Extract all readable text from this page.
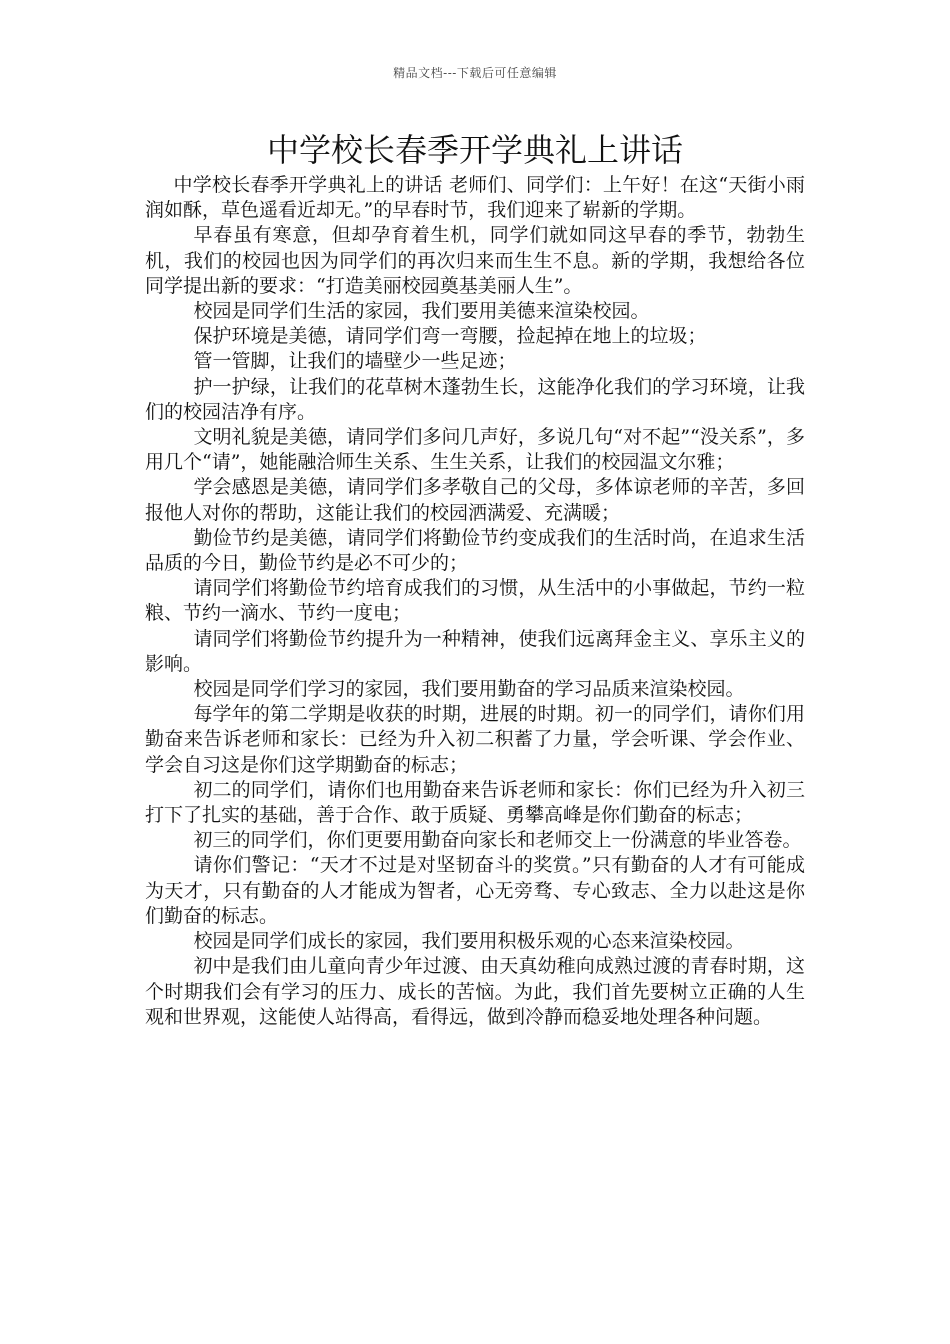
精品文档---下载后可任意编辑
中学校长春季开学典礼上讲话

中学校长春季开学典礼上的讲话 老师们、同学们：上午好！在这“天街小雨润如酥，草色遥看近却无。”的早春时节，我们迎来了崭新的学期。

早春虽有寒意，但却孕育着生机，同学们就如同这早春的季节，勃勃生机，我们的校园也因为同学们的再次归来而生生不息。新的学期，我想给各位同学提出新的要求：“打造美丽校园奠基美丽人生”。

校园是同学们生活的家园，我们要用美德来渲染校园。

保护环境是美德，请同学们弯一弯腰，捡起掉在地上的垃圾；

管一管脚，让我们的墙壁少一些足迹；

护一护绿，让我们的花草树木蓬勃生长，这能净化我们的学习环境，让我们的校园洁净有序。

文明礼貌是美德，请同学们多问几声好，多说几句“对不起”“没关系”，多用几个“请”，她能融洽师生关系、生生关系，让我们的校园温文尔雅；

学会感恩是美德，请同学们多孝敬自己的父母，多体谅老师的辛苦，多回报他人对你的帮助，这能让我们的校园洒满爱、充满暖；

勤俭节约是美德，请同学们将勤俭节约变成我们的生活时尚，在追求生活品质的今日，勤俭节约是必不可少的；

请同学们将勤俭节约培育成我们的习惯，从生活中的小事做起，节约一粒粮、节约一滴水、节约一度电；

请同学们将勤俭节约提升为一种精神，使我们远离拜金主义、享乐主义的影响。

校园是同学们学习的家园，我们要用勤奋的学习品质来渲染校园。

每学年的第二学期是收获的时期，进展的时期。初一的同学们，请你们用勤奋来告诉老师和家长：已经为升入初二积蓄了力量，学会听课、学会作业、学会自习这是你们这学期勤奋的标志；

初二的同学们，请你们也用勤奋来告诉老师和家长：你们已经为升入初三打下了扎实的基础，善于合作、敢于质疑、勇攀高峰是你们勤奋的标志；

初三的同学们，你们更要用勤奋向家长和老师交上一份满意的毕业答卷。

请你们警记：“天才不过是对坚韧奋斗的奖赏。”只有勤奋的人才有可能成为天才，只有勤奋的人才能成为智者，心无旁骛、专心致志、全力以赴这是你们勤奋的标志。

校园是同学们成长的家园，我们要用积极乐观的心态来渲染校园。

初中是我们由儿童向青少年过渡、由天真幼稚向成熟过渡的青春时期，这个时期我们会有学习的压力、成长的苦恼。为此，我们首先要树立正确的人生观和世界观，这能使人站得高，看得远，做到冷静而稳妥地处理各种问题。
